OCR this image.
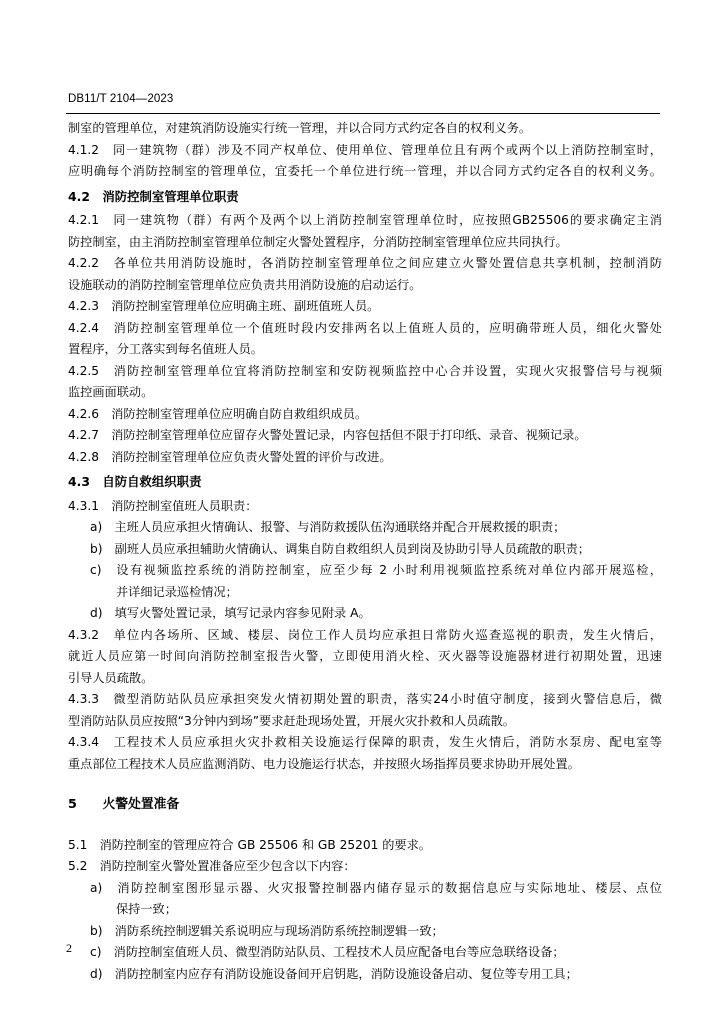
DB11/T 2104—2023
制室的管理单位，对建筑消防设施实行统一管理，并以合同方式约定各自的权利义务。
4.1.2　同一建筑物（群）涉及不同产权单位、使用单位、管理单位且有两个或两个以上消防控制室时，
应明确每个消防控制室的管理单位，宜委托一个单位进行统一管理，并以合同方式约定各自的权利义务。
4.2　消防控制室管理单位职责
4.2.1　同一建筑物（群）有两个及两个以上消防控制室管理单位时，应按照GB25506的要求确定主消
防控制室，由主消防控制室管理单位制定火警处置程序，分消防控制室管理单位应共同执行。
4.2.2　各单位共用消防设施时，各消防控制室管理单位之间应建立火警处置信息共享机制，控制消防
设施联动的消防控制室管理单位应负责共用消防设施的启动运行。
4.2.3　消防控制室管理单位应明确主班、副班值班人员。
4.2.4　消防控制室管理单位一个值班时段内安排两名以上值班人员的，应明确带班人员，细化火警处
置程序，分工落实到每名值班人员。
4.2.5　消防控制室管理单位宜将消防控制室和安防视频监控中心合并设置，实现火灾报警信号与视频
监控画面联动。
4.2.6　消防控制室管理单位应明确自防自救组织成员。
4.2.7　消防控制室管理单位应留存火警处置记录，内容包括但不限于打印纸、录音、视频记录。
4.2.8　消防控制室管理单位应负责火警处置的评价与改进。
4.3　自防自救组织职责
4.3.1　消防控制室值班人员职责：
a)　主班人员应承担火情确认、报警、与消防救援队伍沟通联络并配合开展救援的职责；
b)　副班人员应承担辅助火情确认、调集自防自救组织人员到岗及协助引导人员疏散的职责；
c)　设有视频监控系统的消防控制室，应至少每 2 小时利用视频监控系统对单位内部开展巡检，
并详细记录巡检情况；
d)　填写火警处置记录，填写记录内容参见附录 A。
4.3.2　单位内各场所、区域、楼层、岗位工作人员均应承担日常防火巡查巡视的职责，发生火情后，
就近人员应第一时间向消防控制室报告火警，立即使用消火栓、灭火器等设施器材进行初期处置，迅速
引导人员疏散。
4.3.3　微型消防站队员应承担突发火情初期处置的职责，落实24小时值守制度，接到火警信息后，微
型消防站队员应按照“3分钟内到场”要求赶赴现场处置，开展火灾扑救和人员疏散。
4.3.4　工程技术人员应承担火灾扑救相关设施运行保障的职责，发生火情后，消防水泵房、配电室等
重点部位工程技术人员应监测消防、电力设施运行状态，并按照火场指挥员要求协助开展处置。
5　　火警处置准备
5.1　消防控制室的管理应符合 GB 25506 和 GB 25201 的要求。
5.2　消防控制室火警处置准备应至少包含以下内容：
a)　消防控制室图形显示器、火灾报警控制器内储存显示的数据信息应与实际地址、楼层、点位
保持一致；
b)　消防系统控制逻辑关系说明应与现场消防系统控制逻辑一致；
c)　消防控制室值班人员、微型消防站队员、工程技术人员应配备电台等应急联络设备；
d)　消防控制室内应存有消防设施设备间开启钥匙，消防设施设备启动、复位等专用工具；
2
